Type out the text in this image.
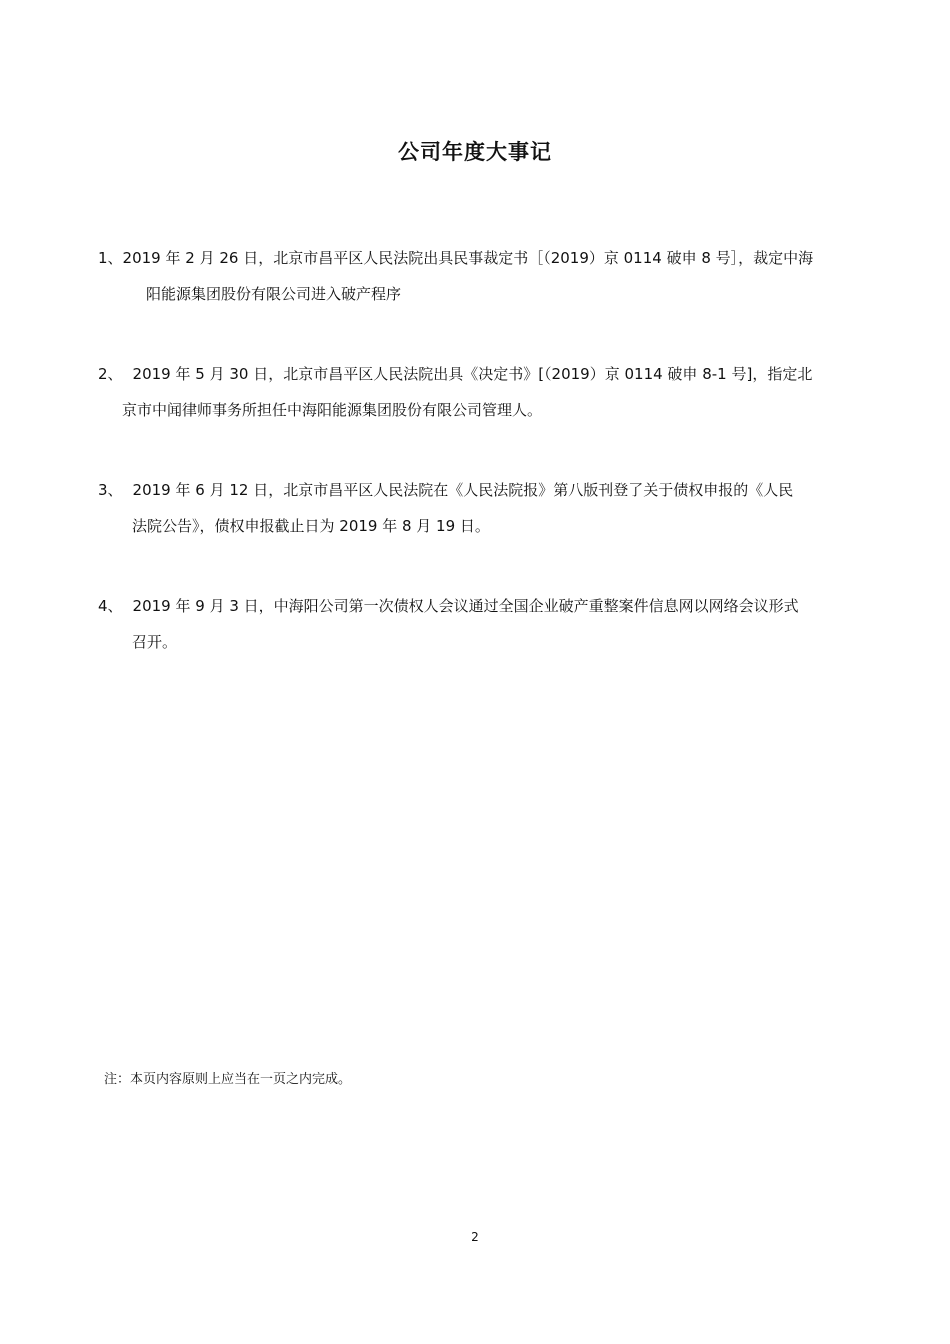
公司年度大事记
1、2019 年 2 月 26 日，北京市昌平区人民法院出具民事裁定书［（2019）京 0114 破申 8 号］，裁定中海
阳能源集团股份有限公司进入破产程序
2、 2019 年 5 月 30 日，北京市昌平区人民法院出具《决定书》[（2019）京 0114 破申 8-1 号]，指定北
京市中闻律师事务所担任中海阳能源集团股份有限公司管理人。
3、 2019 年 6 月 12 日，北京市昌平区人民法院在《人民法院报》第八版刊登了关于债权申报的《人民
法院公告》，债权申报截止日为 2019 年 8 月 19 日。
4、 2019 年 9 月 3 日，中海阳公司第一次债权人会议通过全国企业破产重整案件信息网以网络会议形式
召开。
注：本页内容原则上应当在一页之内完成。
2
